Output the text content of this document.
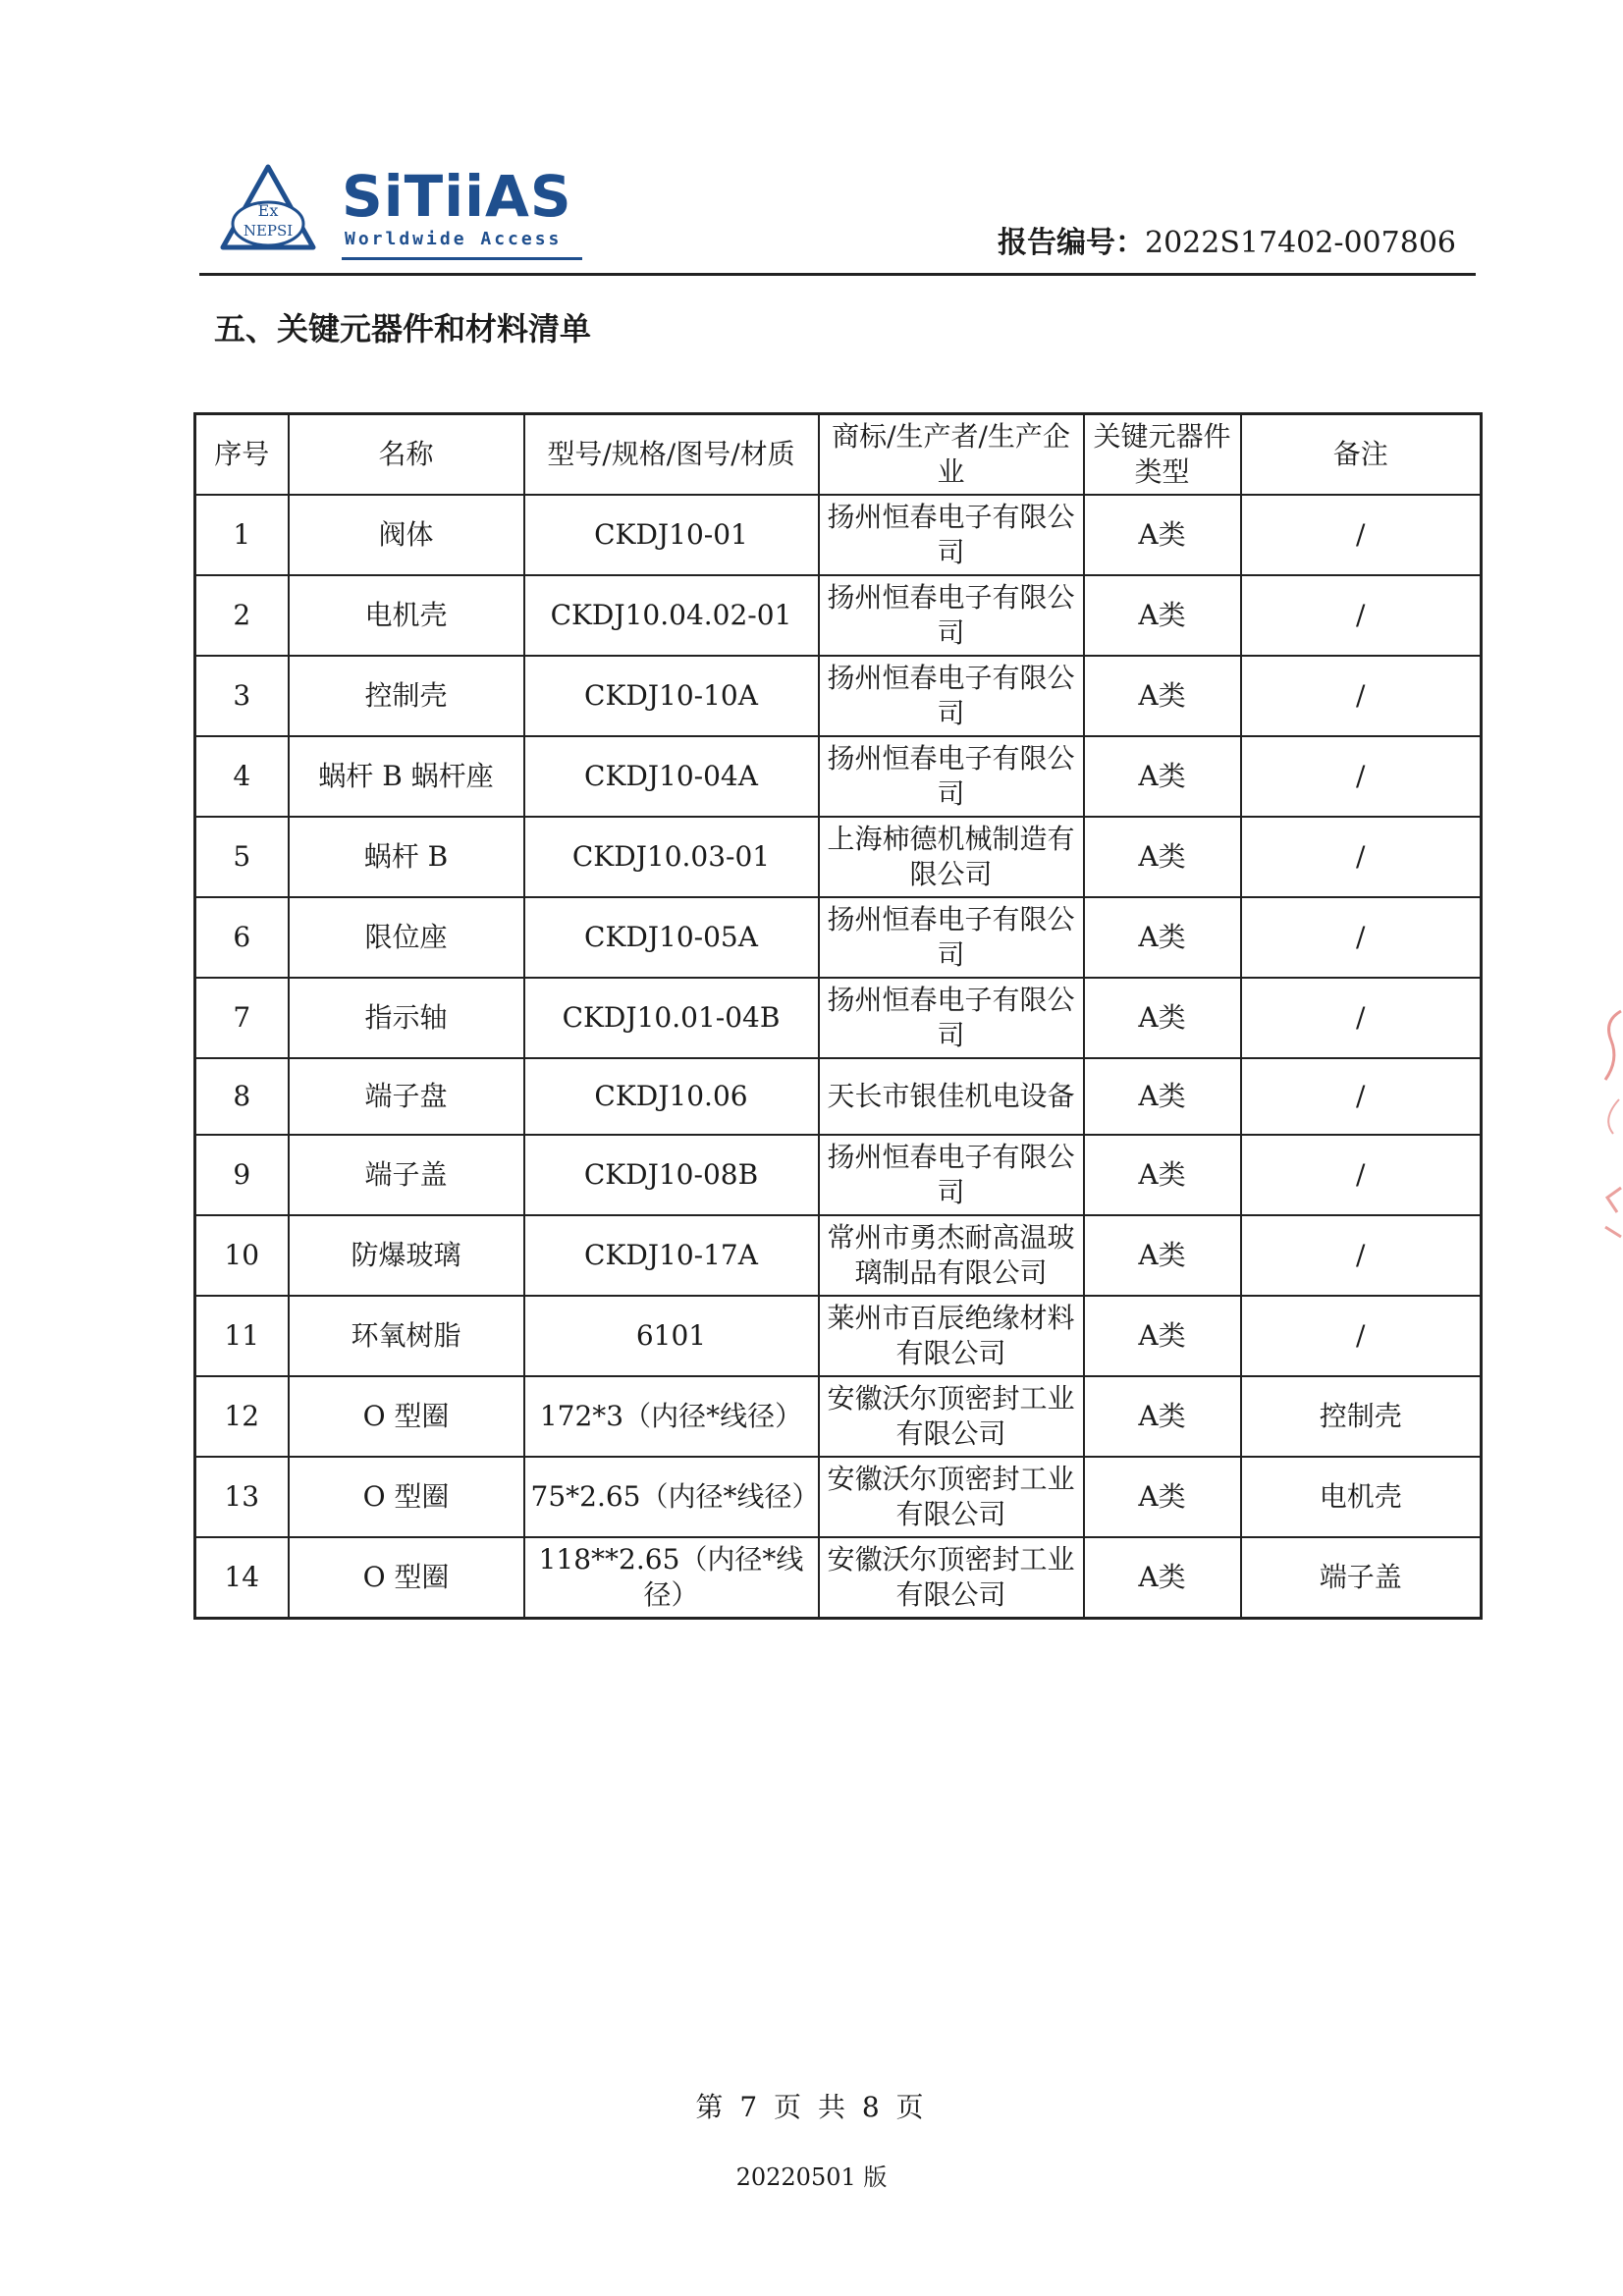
Ex
NEPSI
SiTiiAS
Worldwide Access	报告编号：2022S17402-007806
五、关键元器件和材料清单
序号	名称	型号/规格/图号/材质	商标/生产者/生产企业	关键元器件类型	备注
1	阀体	CKDJ10-01	扬州恒春电子有限公司	A类	/
2	电机壳	CKDJ10.04.02-01	扬州恒春电子有限公司	A类	/
3	控制壳	CKDJ10-10A	扬州恒春电子有限公司	A类	/
4	蜗杆 B 蜗杆座	CKDJ10-04A	扬州恒春电子有限公司	A类	/
5	蜗杆 B	CKDJ10.03-01	上海柿德机械制造有限公司	A类	/
6	限位座	CKDJ10-05A	扬州恒春电子有限公司	A类	/
7	指示轴	CKDJ10.01-04B	扬州恒春电子有限公司	A类	/
8	端子盘	CKDJ10.06	天长市银佳机电设备	A类	/
9	端子盖	CKDJ10-08B	扬州恒春电子有限公司	A类	/
10	防爆玻璃	CKDJ10-17A	常州市勇杰耐高温玻璃制品有限公司	A类	/
11	环氧树脂	6101	莱州市百辰绝缘材料有限公司	A类	/
12	O 型圈	172*3（内径*线径）	安徽沃尔顶密封工业有限公司	A类	控制壳
13	O 型圈	75*2.65（内径*线径）	安徽沃尔顶密封工业有限公司	A类	电机壳
14	O 型圈	118**2.65（内径*线径）	安徽沃尔顶密封工业有限公司	A类	端子盖
第 7 页 共 8 页
20220501 版
